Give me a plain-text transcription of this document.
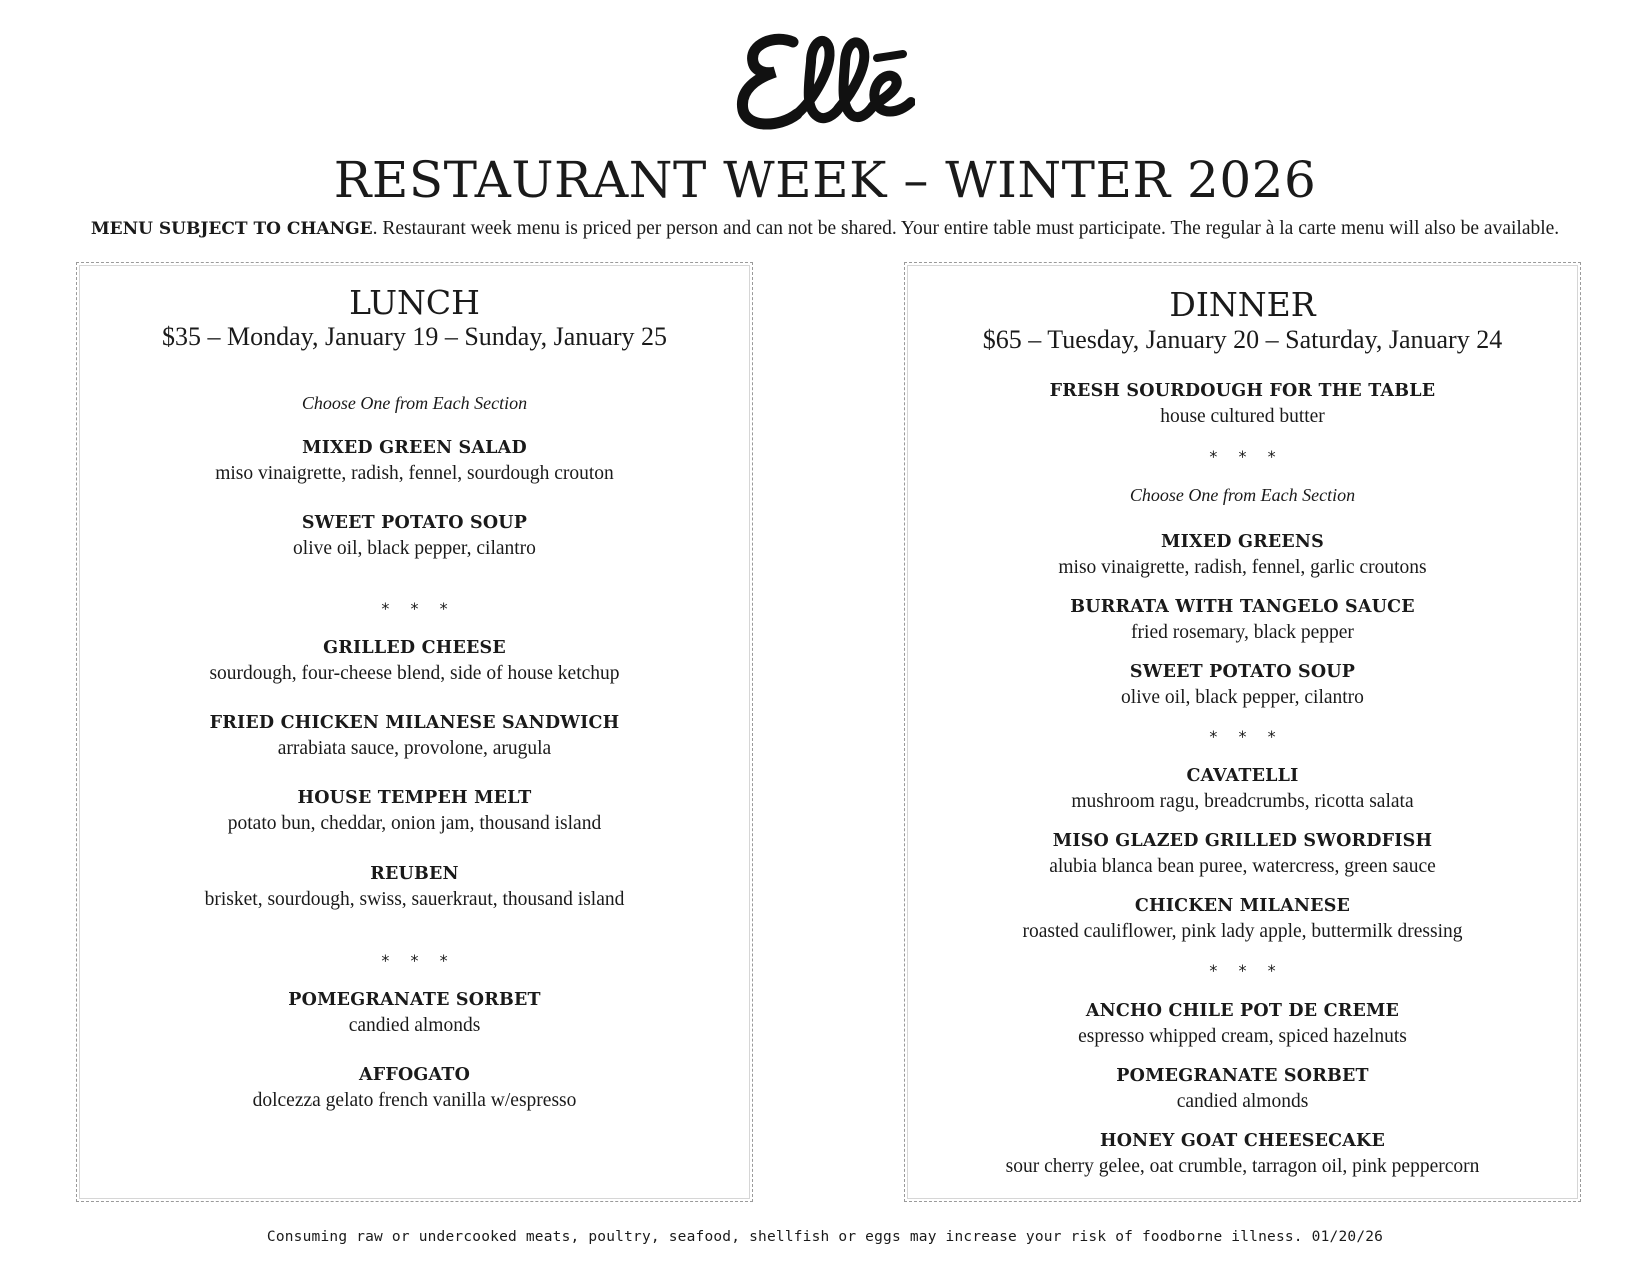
RESTAURANT WEEK – WINTER 2026
MENU SUBJECT TO CHANGE. Restaurant week menu is priced per person and can not be shared. Your entire table must participate. The regular à la carte menu will also be available.
LUNCH
$35 – Monday, January 19 – Sunday, January 25
Choose One from Each Section
MIXED GREEN SALAD
miso vinaigrette, radish, fennel, sourdough crouton
SWEET POTATO SOUP
olive oil, black pepper, cilantro
* * *
GRILLED CHEESE
sourdough, four-cheese blend, side of house ketchup
FRIED CHICKEN MILANESE SANDWICH
arrabiata sauce, provolone, arugula
HOUSE TEMPEH MELT
potato bun, cheddar, onion jam, thousand island
REUBEN
brisket, sourdough, swiss, sauerkraut, thousand island
* * *
POMEGRANATE SORBET
candied almonds
AFFOGATO
dolcezza gelato french vanilla w/espresso
DINNER
$65 – Tuesday, January 20 – Saturday, January 24
FRESH SOURDOUGH FOR THE TABLE
house cultured butter
* * *
Choose One from Each Section
MIXED GREENS
miso vinaigrette, radish, fennel, garlic croutons
BURRATA WITH TANGELO SAUCE
fried rosemary, black pepper
SWEET POTATO SOUP
olive oil, black pepper, cilantro
* * *
CAVATELLI
mushroom ragu, breadcrumbs, ricotta salata
MISO GLAZED GRILLED SWORDFISH
alubia blanca bean puree, watercress, green sauce
CHICKEN MILANESE
roasted cauliflower, pink lady apple, buttermilk dressing
* * *
ANCHO CHILE POT DE CREME
espresso whipped cream, spiced hazelnuts
POMEGRANATE SORBET
candied almonds
HONEY GOAT CHEESECAKE
sour cherry gelee, oat crumble, tarragon oil, pink peppercorn
Consuming raw or undercooked meats, poultry, seafood, shellfish or eggs may increase your risk of foodborne illness. 01/20/26
